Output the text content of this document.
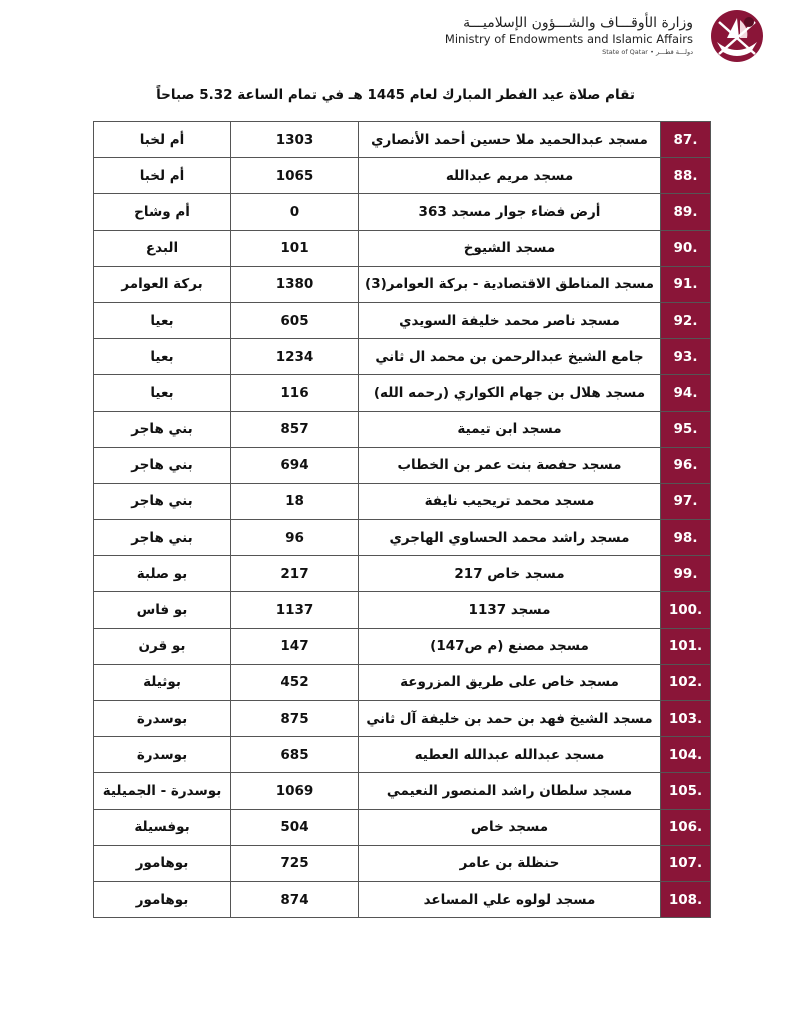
وزارة الأوقـــاف والشـــؤون الإسلاميـــة
Ministry of Endowments and Islamic Affairs
State of Qatar • دولـــة قطـــر
تقام صلاة عيد الفطر المبارك لعام 1445 هـ في تمام الساعة 5.32 صباحاً
أم لخبا	1303	مسجد عبدالحميد ملا حسين أحمد الأنصاري	87.
أم لخبا	1065	مسجد مريم عبدالله	88.
أم وشاح	0	أرض فضاء جوار مسجد 363	89.
البدع	101	مسجد الشيوخ	90.
بركة العوامر	1380	مسجد المناطق الاقتصادية - بركة العوامر(3)	91.
بعيا	605	مسجد ناصر محمد خليفة السويدي	92.
بعيا	1234	جامع الشيخ عبدالرحمن بن محمد ال ثاني	93.
بعيا	116	مسجد هلال بن جهام الكواري (رحمه الله)	94.
بني هاجر	857	مسجد ابن تيمية	95.
بني هاجر	694	مسجد حفصة بنت عمر بن الخطاب	96.
بني هاجر	18	مسجد محمد تريحيب نايفة	97.
بني هاجر	96	مسجد راشد محمد الحساوي الهاجري	98.
بو صلبة	217	مسجد خاص 217	99.
بو فاس	1137	مسجد 1137	100.
بو قرن	147	مسجد مصنع (م ص147)	101.
بوثيلة	452	مسجد خاص على طريق المزروعة	102.
بوسدرة	875	مسجد الشيخ فهد بن حمد بن خليفة آل ثاني	103.
بوسدرة	685	مسجد عبدالله عبدالله العطيه	104.
بوسدرة - الجميلية	1069	مسجد سلطان راشد المنصور النعيمي	105.
بوفسيلة	504	مسجد خاص	106.
بوهامور	725	حنظلة بن عامر	107.
بوهامور	874	مسجد لولوه علي المساعد	108.
